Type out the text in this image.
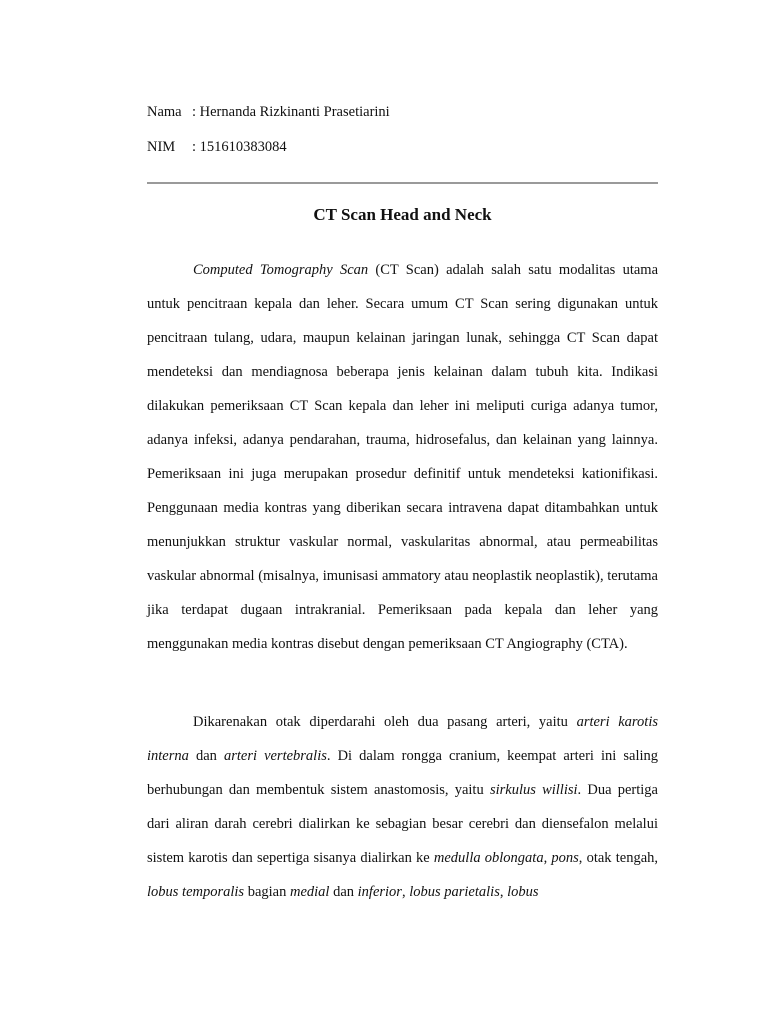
Nama : Hernanda Rizkinanti Prasetiarini
NIM	: 151610383084
CT Scan Head and Neck

Computed Tomography Scan (CT Scan) adalah salah satu modalitas utama untuk pencitraan kepala dan leher. Secara umum CT Scan sering digunakan untuk pencitraan tulang, udara, maupun kelainan jaringan lunak, sehingga CT Scan dapat mendeteksi dan mendiagnosa beberapa jenis kelainan dalam tubuh kita. Indikasi dilakukan pemeriksaan CT Scan kepala dan leher ini meliputi curiga adanya tumor, adanya infeksi, adanya pendarahan, trauma, hidrosefalus, dan kelainan yang lainnya. Pemeriksaan ini juga merupakan prosedur definitif untuk mendeteksi kationifikasi. Penggunaan media kontras yang diberikan secara intravena dapat ditambahkan untuk menunjukkan struktur vaskular normal, vaskularitas abnormal, atau permeabilitas vaskular abnormal (misalnya, imunisasi ammatory atau neoplastik neoplastik), terutama jika terdapat dugaan intrakranial. Pemeriksaan pada kepala dan leher yang menggunakan media kontras disebut dengan pemeriksaan CT Angiography (CTA).

Dikarenakan otak diperdarahi oleh dua pasang arteri, yaitu arteri karotis interna dan arteri vertebralis. Di dalam rongga cranium, keempat arteri ini saling berhubungan dan membentuk sistem anastomosis, yaitu sirkulus willisi. Dua pertiga dari aliran darah cerebri dialirkan ke sebagian besar cerebri dan diensefalon melalui sistem karotis dan sepertiga sisanya dialirkan ke medulla oblongata, pons, otak tengah, lobus temporalis bagian medial dan inferior, lobus parietalis, lobus
